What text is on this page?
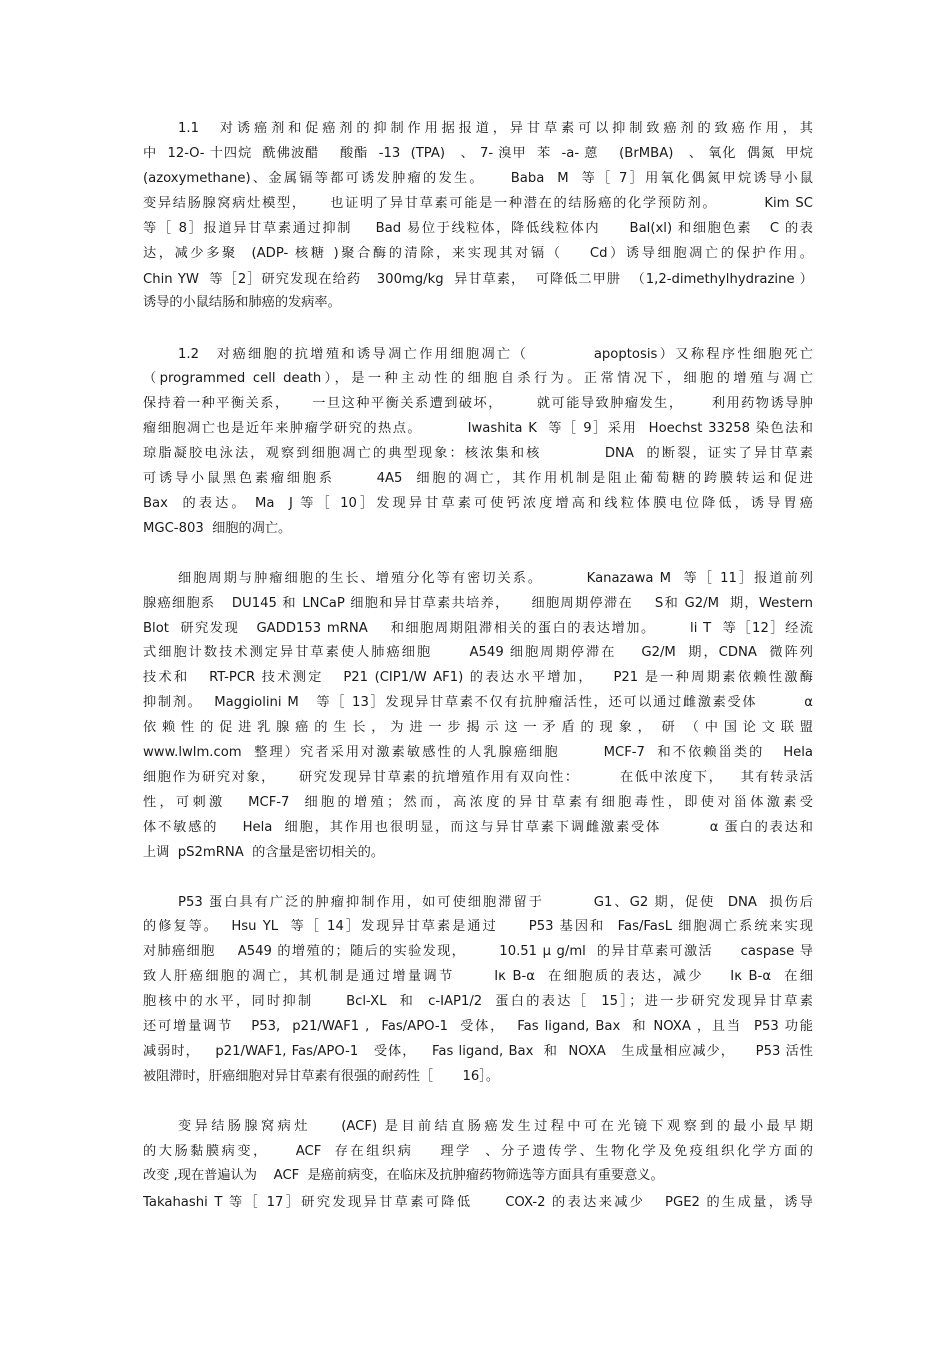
1.1　对诱癌剂和促癌剂的抑制作用据报道，异甘草素可以抑制致癌剂的致癌作用，其
中  12-O- 十四烷  酰佛波醋    酸酯  -13  (TPA)   、 7- 溴甲  苯  -a- 蒽    (BrMBA)   、 氧化  偶氮  甲烷
(azoxymethane)、金属镉等都可诱发肿瘤的发生。    Baba  M  等［ 7］用氧化偶氮甲烷诱导小鼠
变异结肠腺窝病灶模型，    也证明了异甘草素可能是一种潜在的结肠癌的化学预防剂。        Kim SC
等［ 8］报道异甘草素通过抑制    Bad 易位于线粒体，降低线粒体内     Bal(xl) 和细胞色素   C 的表
达，减少多聚  (ADP- 核糖 )聚合酶的清除，来实现其对镉（    Cd）诱导细胞凋亡的保护作用。
Chin YW  等［2］研究发现在给药   300mg/kg  异甘草素，  可降低二甲肼  （1,2-dimethylhydrazine ）
诱导的小鼠结肠和肺癌的发病率。
1.2　对癌细胞的抗增殖和诱导凋亡作用细胞凋亡（          apoptosis）又称程序性细胞死亡
（programmed cell death），是一种主动性的细胞自杀行为。正常情况下，细胞的增殖与凋亡
保持着一种平衡关系，    一旦这种平衡关系遭到破坏，      就可能导致肿瘤发生，     利用药物诱导肿
瘤细胞凋亡也是近年来肿瘤学研究的热点。        Iwashita K  等［ 9］采用  Hoechst 33258 染色法和
琼脂凝胶电泳法，观察到细胞凋亡的典型现象：核浓集和核          DNA  的断裂，证实了异甘草素
可诱导小鼠黑色素瘤细胞系      4A5  细胞的凋亡，其作用机制是阻止葡萄糖的跨膜转运和促进
Bax  的表达。 Ma  J 等［ 10］发现异甘草素可使钙浓度增高和线粒体膜电位降低，诱导胃癌
MGC-803  细胞的凋亡。
细胞周期与肿瘤细胞的生长、增殖分化等有密切关系。       Kanazawa M  等［ 11］报道前列
腺癌细胞系   DU145 和 LNCaP 细胞和异甘草素共培养，    细胞周期停滞在    S和 G2/M  期，Western
Blot  研究发现   GADD153 mRNA    和细胞周期阻滞相关的蛋白的表达增加。      li T  等［12］经流
式细胞计数技术测定异甘草素使人肺癌细胞      A549 细胞周期停滞在    G2/M  期，CDNA  微阵列
技术和   RT-PCR 技术测定   P21 (CIP1/W AF1) 的表达水平增加，   P21 是一种周期素依赖性激酶
抑制剂。  Maggiolini M   等［ 13］发现异甘草素不仅有抗肿瘤活性，还可以通过雌激素受体        α
依 赖 性 的 促 进 乳 腺 癌 的 生 长 ， 为 进 一 步 揭 示 这 一 矛 盾 的 现 象 ，  研  （ 中 国 论 文 联 盟
www.lwlm.com  整理）究者采用对激素敏感性的人乳腺癌细胞       MCF-7  和不依赖甾类的   Hela
细胞作为研究对象，    研究发现异甘草素的抗增殖作用有双向性：       在低中浓度下，   其有转录活
性，可刺激   MCF-7  细胞的增殖；然而，高浓度的异甘草素有细胞毒性，即使对甾体激素受
体不敏感的    Hela  细胞，其作用也很明显，而这与异甘草素下调雌激素受体        α 蛋白的表达和
上调  pS2mRNA  的含量是密切相关的。
P53 蛋白具有广泛的肿瘤抑制作用，如可使细胞滞留于        G1、G2 期，促使  DNA  损伤后
的修复等。  Hsu YL  等［ 14］发现异甘草素是通过     P53 基因和  Fas/FasL 细胞凋亡系统来实现
对肺癌细胞    A549 的增殖的；随后的实验发现，      10.51 μ g/ml  的异甘草素可激活     caspase 导
致人肝癌细胞的凋亡，其机制是通过增量调节      Iκ B-α  在细胞质的表达，减少    Iκ B-α  在细
胞核中的水平，同时抑制     Bcl-XL  和  c-IAP1/2  蛋白的表达［  15］；进一步研究发现异甘草素
还可增量调节   P53,  p21/WAF1 ,  Fas/APO-1  受体，  Fas ligand, Bax  和 NOXA ，且当  P53 功能
减弱时，   p21/WAF1, Fas/APO-1   受体，   Fas ligand, Bax  和  NOXA   生成量相应减少，    P53 活性
被阻滞时，肝癌细胞对异甘草素有很强的耐药性［       16］。
变异结肠腺窝病灶    (ACF) 是目前结直肠癌发生过程中可在光镜下观察到的最小最早期
的大肠黏膜病变，    ACF  存在组织病    理学  、分子遗传学、生物化学及免疫组织化学方面的
改变 ,现在普遍认为    ACF  是癌前病变，在临床及抗肿瘤药物筛选等方面具有重要意义。
Takahashi T 等［ 17］研究发现异甘草素可降低     COX-2 的表达来减少   PGE2 的生成量，诱导
